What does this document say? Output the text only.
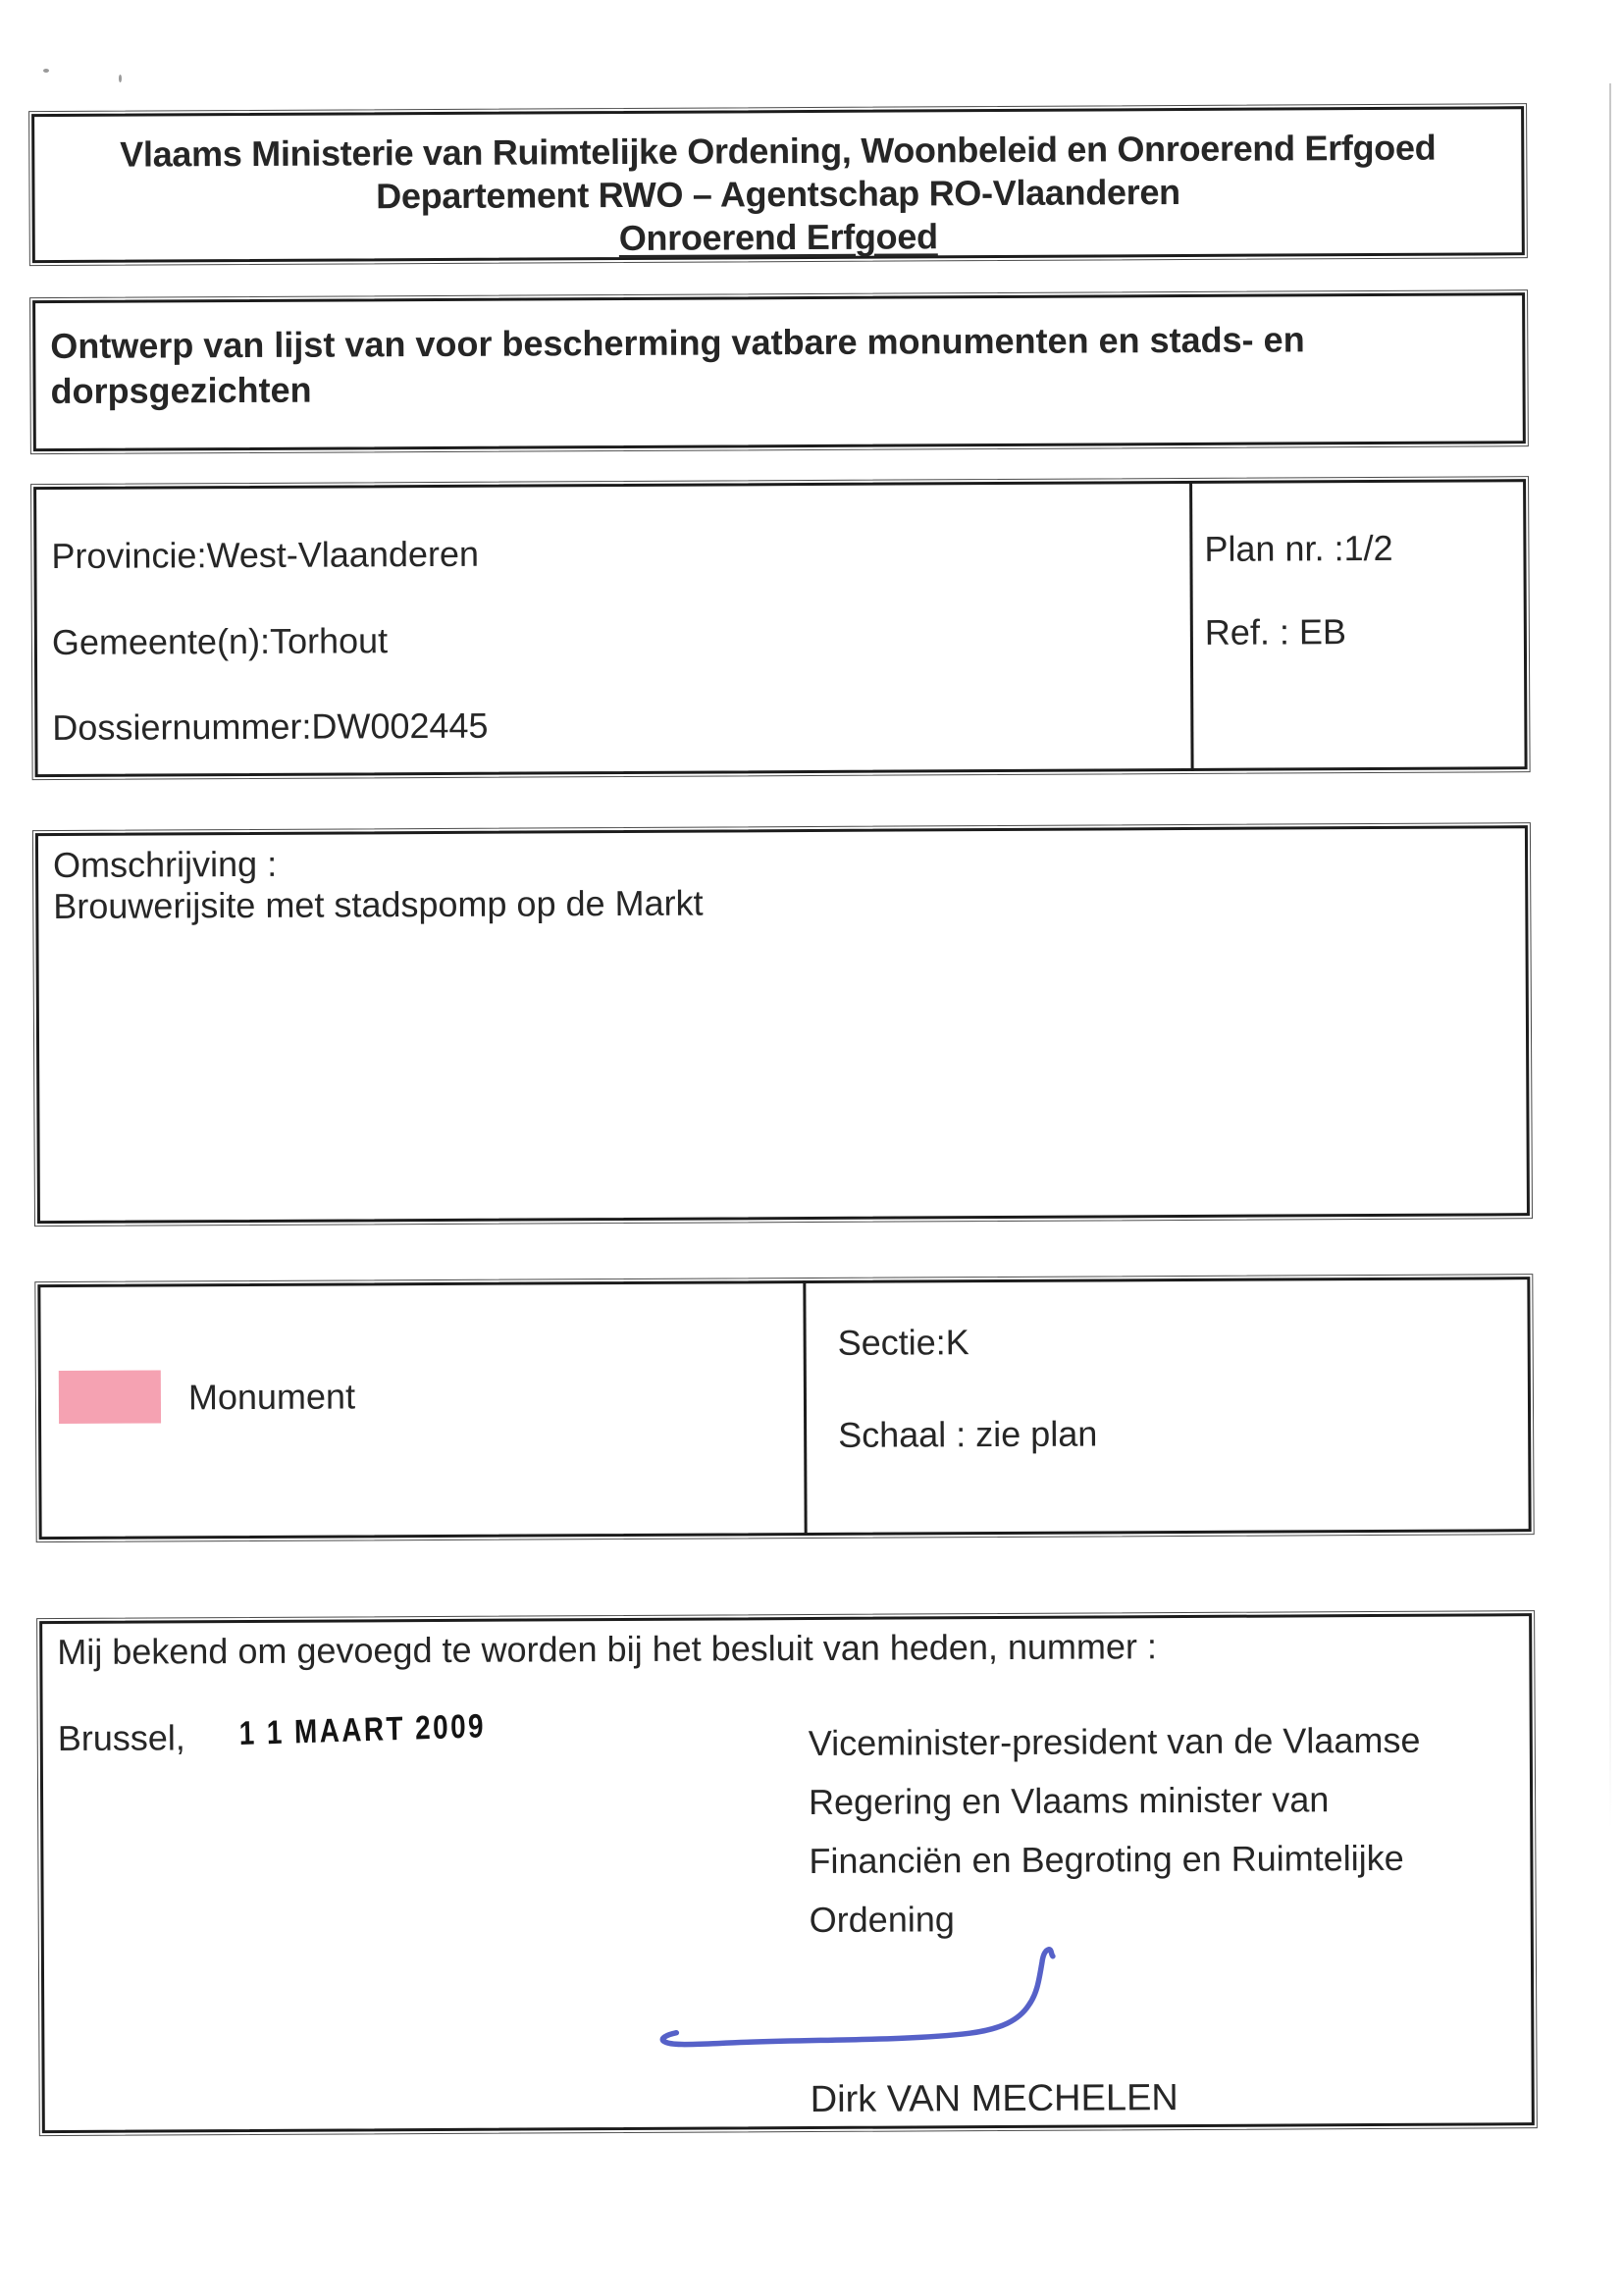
Vlaams Ministerie van Ruimtelijke Ordening, Woonbeleid en Onroerend Erfgoed
Departement RWO – Agentschap RO-Vlaanderen
Onroerend Erfgoed
Ontwerp van lijst van voor bescherming vatbare monumenten en stads- en
dorpsgezichten
Provincie:West-Vlaanderen
Gemeente(n):Torhout
Dossiernummer:DW002445
Plan nr. :1/2
Ref. : EB
Omschrijving :
Brouwerijsite met stadspomp op de Markt
Monument
Sectie:K
Schaal : zie plan
Mij bekend om gevoegd te worden bij het besluit van heden, nummer :
Brussel, 1 1 MAART 2009	Viceminister-president van de Vlaamse
Regering en Vlaams minister van
Financiën en Begroting en Ruimtelijke
Ordening
Dirk VAN MECHELEN
